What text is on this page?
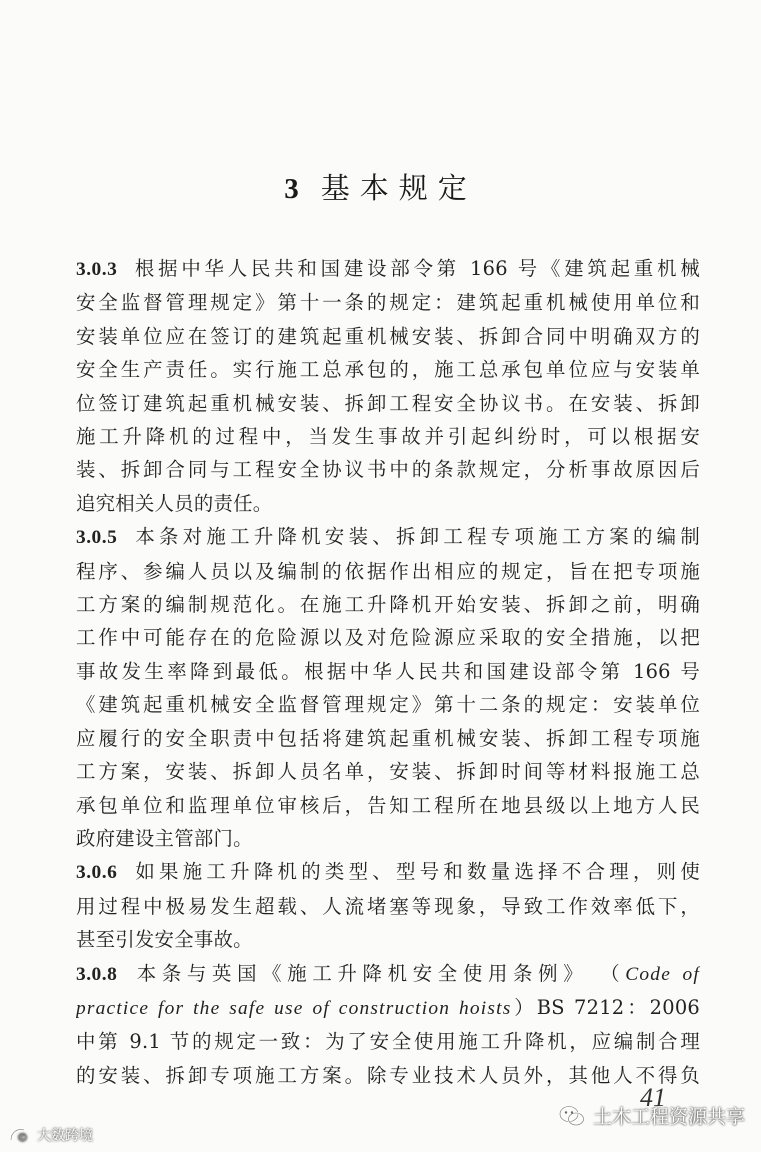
3 基本规定

3.0.3 根据中华人民共和国建设部令第 166 号《建筑起重机械
安全监督管理规定》第十一条的规定：建筑起重机械使用单位和
安装单位应在签订的建筑起重机械安装、拆卸合同中明确双方的
安全生产责任。实行施工总承包的，施工总承包单位应与安装单
位签订建筑起重机械安装、拆卸工程安全协议书。在安装、拆卸
施工升降机的过程中，当发生事故并引起纠纷时，可以根据安
装、拆卸合同与工程安全协议书中的条款规定，分析事故原因后
追究相关人员的责任。

3.0.5 本条对施工升降机安装、拆卸工程专项施工方案的编制
程序、参编人员以及编制的依据作出相应的规定，旨在把专项施
工方案的编制规范化。在施工升降机开始安装、拆卸之前，明确
工作中可能存在的危险源以及对危险源应采取的安全措施，以把
事故发生率降到最低。根据中华人民共和国建设部令第 166 号
《建筑起重机械安全监督管理规定》第十二条的规定：安装单位
应履行的安全职责中包括将建筑起重机械安装、拆卸工程专项施
工方案，安装、拆卸人员名单，安装、拆卸时间等材料报施工总
承包单位和监理单位审核后，告知工程所在地县级以上地方人民
政府建设主管部门。

3.0.6 如果施工升降机的类型、型号和数量选择不合理，则使
用过程中极易发生超载、人流堵塞等现象，导致工作效率低下，
甚至引发安全事故。

3.0.8 本条与英国《施工升降机安全使用条例》 （Code of
practice for the safe use of construction hoists）BS 7212：2006
中第 9.1 节的规定一致：为了安全使用施工升降机，应编制合理
的安装、拆卸专项施工方案。除专业技术人员外，其他人不得负

41
土木工程资源共享
© 大数跨境
